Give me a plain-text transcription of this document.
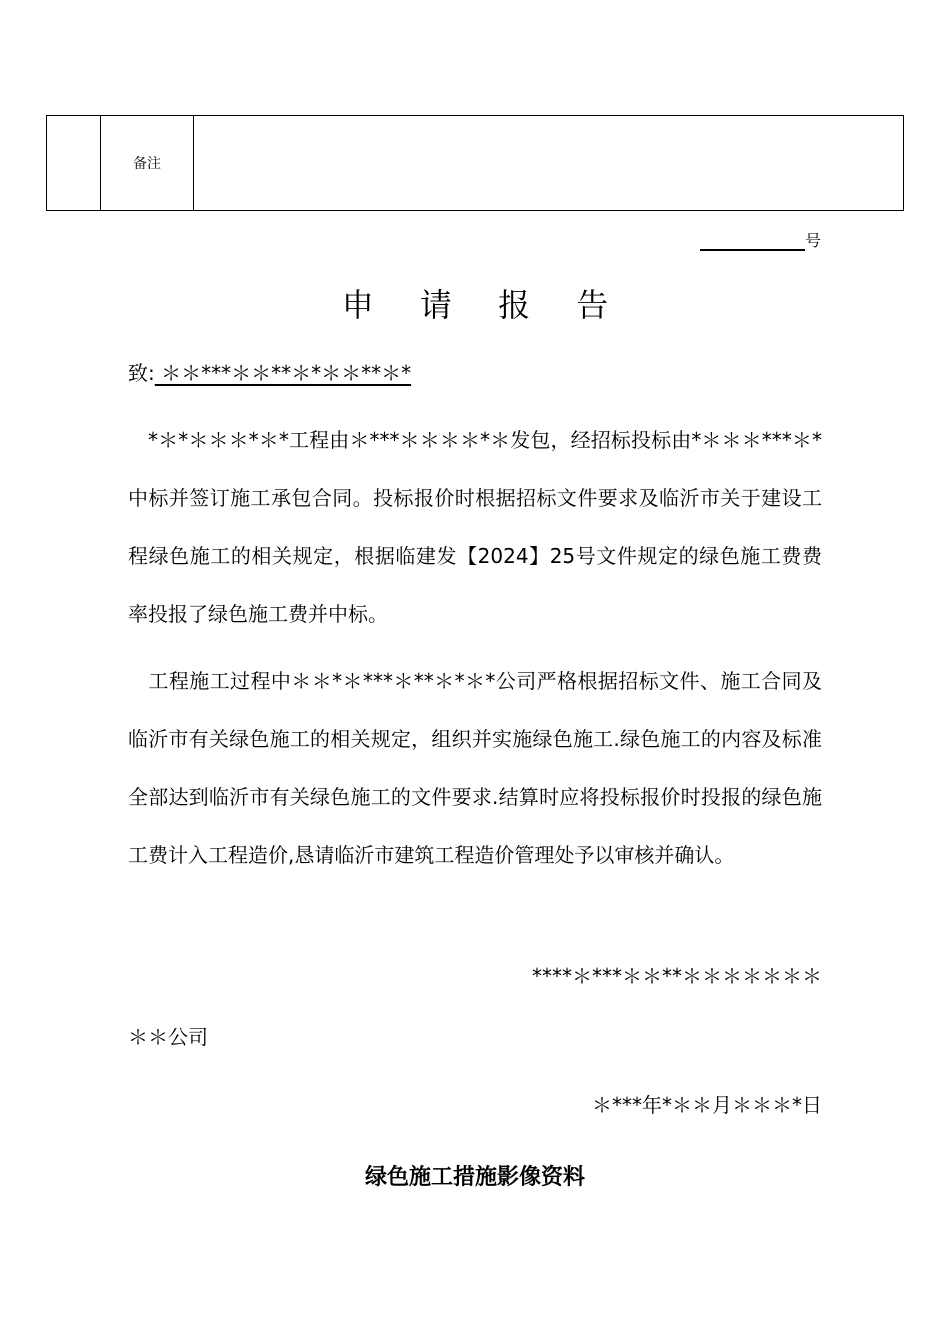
	备注	
号
申 请 报 告
致: ＊＊***＊＊**＊*＊＊**＊*
*＊*＊＊＊*＊*工程由＊***＊＊＊＊*＊发包，经招标投标由*＊＊＊***＊*中标并签订施工承包合同。投标报价时根据招标文件要求及临沂市关于建设工程绿色施工的相关规定，根据临建发【2024】25号文件规定的绿色施工费费率投报了绿色施工费并中标。
工程施工过程中＊＊*＊***＊**＊*＊*公司严格根据招标文件、施工合同及临沂市有关绿色施工的相关规定，组织并实施绿色施工.绿色施工的内容及标准全部达到临沂市有关绿色施工的文件要求.结算时应将投标报价时投报的绿色施工费计入工程造价,恳请临沂市建筑工程造价管理处予以审核并确认。
****＊***＊＊**＊＊＊＊＊＊＊
＊＊公司
＊***年*＊＊月＊＊＊*日
绿色施工措施影像资料
